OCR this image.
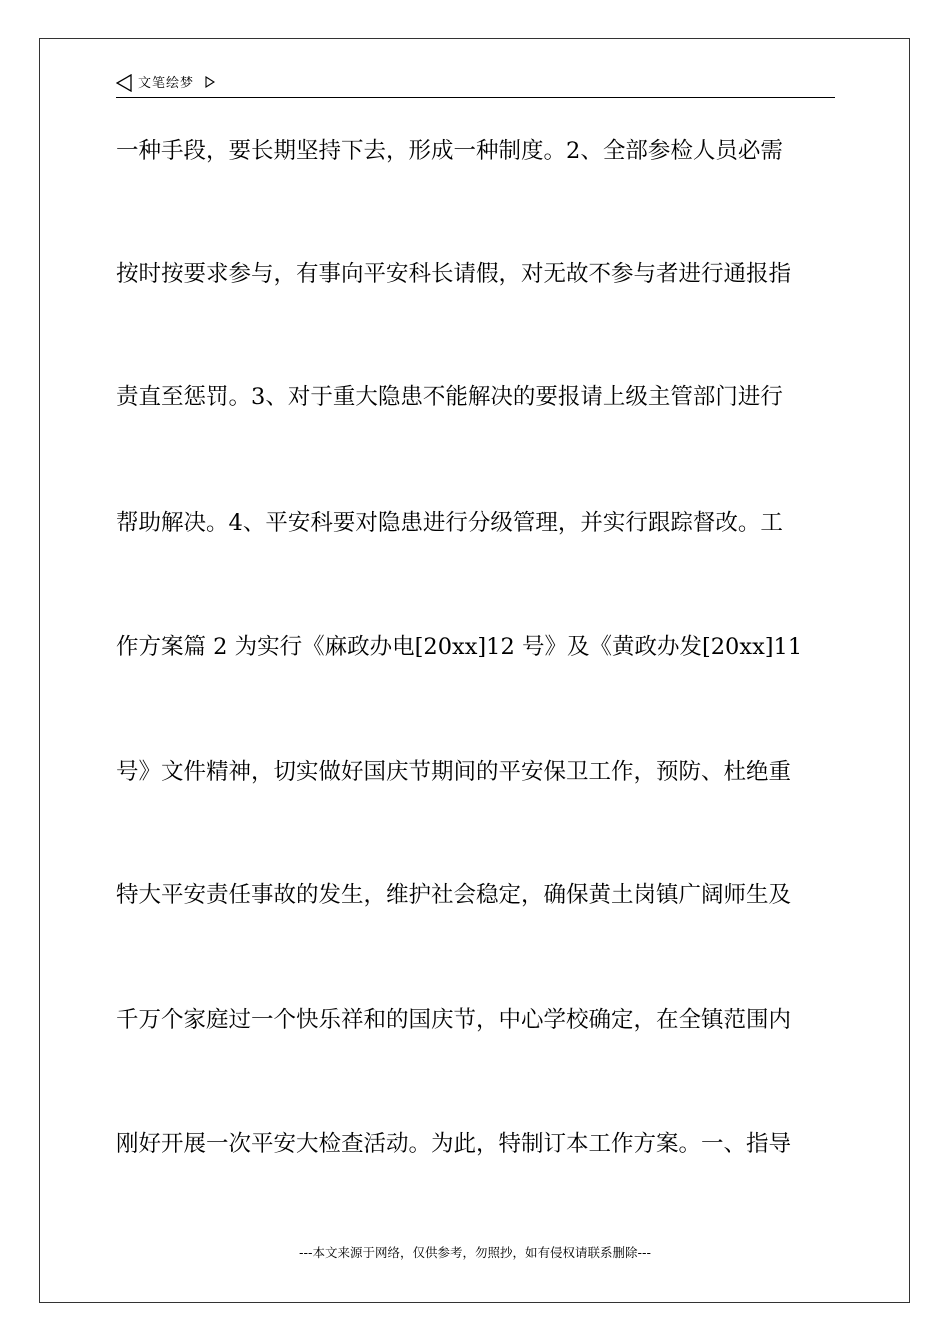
文笔绘梦
一种手段，要长期坚持下去，形成一种制度。2、全部参检人员必需
按时按要求参与，有事向平安科长请假，对无故不参与者进行通报指
责直至惩罚。3、对于重大隐患不能解决的要报请上级主管部门进行
帮助解决。4、平安科要对隐患进行分级管理，并实行跟踪督改。工
作方案篇 2 为实行《麻政办电[20xx]12 号》及《黄政办发[20xx]11
号》文件精神，切实做好国庆节期间的平安保卫工作，预防、杜绝重
特大平安责任事故的发生，维护社会稳定，确保黄土岗镇广阔师生及
千万个家庭过一个快乐祥和的国庆节，中心学校确定，在全镇范围内
刚好开展一次平安大检查活动。为此，特制订本工作方案。一、指导
---本文来源于网络，仅供参考，勿照抄，如有侵权请联系删除---
